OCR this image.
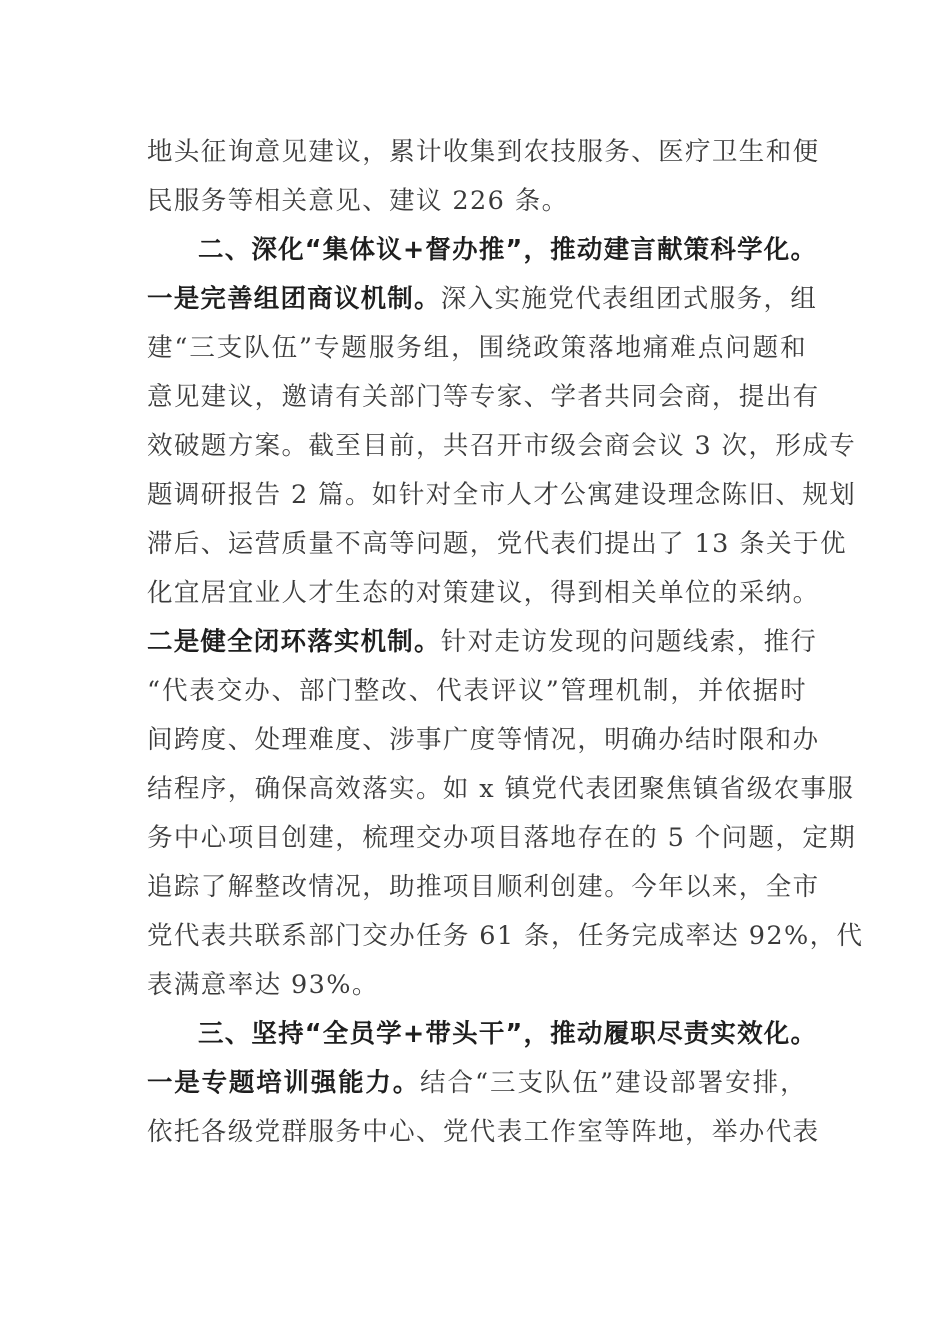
地头征询意见建议，累计收集到农技服务、医疗卫生和便
民服务等相关意见、建议 226 条。
二、深化“集体议+督办推”，推动建言献策科学化。
一是完善组团商议机制。深入实施党代表组团式服务，组
建“三支队伍”专题服务组，围绕政策落地痛难点问题和
意见建议，邀请有关部门等专家、学者共同会商，提出有
效破题方案。截至目前，共召开市级会商会议 3 次，形成专
题调研报告 2 篇。如针对全市人才公寓建设理念陈旧、规划
滞后、运营质量不高等问题，党代表们提出了 13 条关于优
化宜居宜业人才生态的对策建议，得到相关单位的采纳。
二是健全闭环落实机制。针对走访发现的问题线索，推行
“代表交办、部门整改、代表评议”管理机制，并依据时
间跨度、处理难度、涉事广度等情况，明确办结时限和办
结程序，确保高效落实。如 x 镇党代表团聚焦镇省级农事服
务中心项目创建，梳理交办项目落地存在的 5 个问题，定期
追踪了解整改情况，助推项目顺利创建。今年以来，全市
党代表共联系部门交办任务 61 条，任务完成率达 92%，代
表满意率达 93%。
三、坚持“全员学+带头干”，推动履职尽责实效化。
一是专题培训强能力。结合“三支队伍”建设部署安排，
依托各级党群服务中心、党代表工作室等阵地，举办代表
